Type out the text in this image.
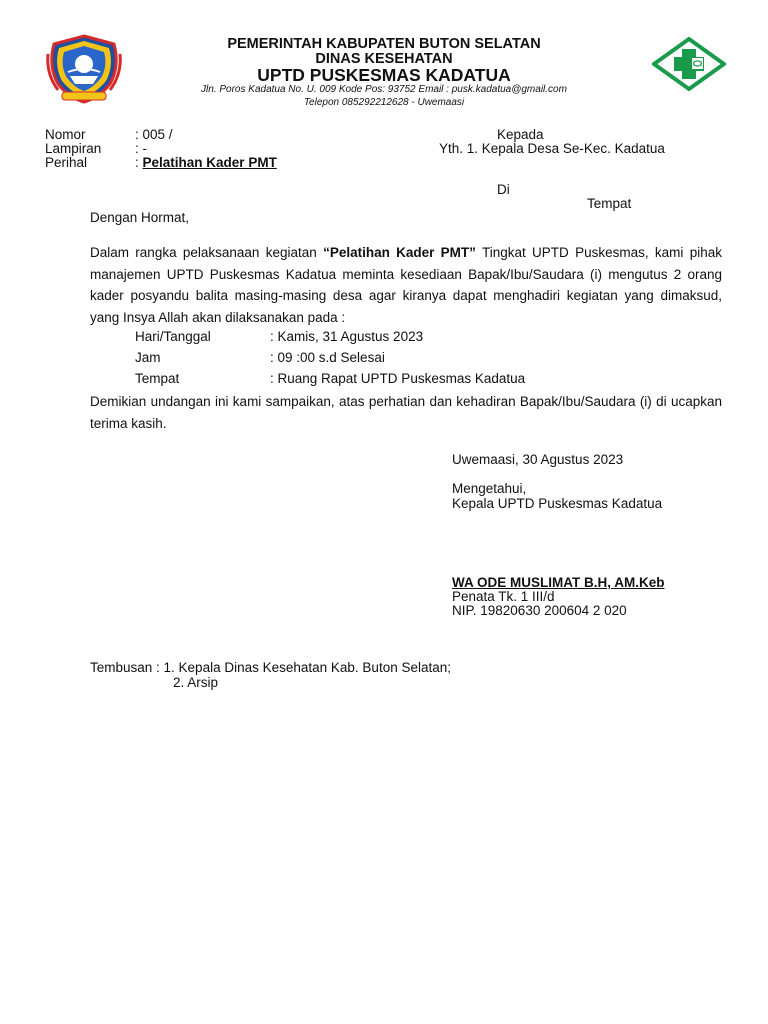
PEMERINTAH KABUPATEN BUTON SELATAN
DINAS KESEHATAN
UPTD PUSKESMAS KADATUA
Jln. Poros Kadatua No. U. 009 Kode Pos: 93752 Email : pusk.kadatua@gmail.com
Telepon 085292212628 - Uwemaasi
Nomor	: 005 /
Lampiran : -
Perihal	: Pelatihan Kader PMT
Kepada
Yth. 1. Kepala Desa Se-Kec. Kadatua
Di
Tempat
Dengan Hormat,
Dalam rangka pelaksanaan kegiatan “Pelatihan Kader PMT” Tingkat UPTD Puskesmas, kami pihak manajemen UPTD Puskesmas Kadatua meminta kesediaan Bapak/Ibu/Saudara (i) mengutus 2 orang kader posyandu balita masing-masing desa agar kiranya dapat menghadiri kegiatan yang dimaksud, yang Insya Allah akan dilaksanakan pada :
Hari/Tanggal	: Kamis, 31 Agustus 2023
Jam	: 09 :00 s.d Selesai
Tempat	: Ruang Rapat UPTD Puskesmas Kadatua
Demikian undangan ini kami sampaikan, atas perhatian dan kehadiran Bapak/Ibu/Saudara (i) di ucapkan terima kasih.
Uwemaasi, 30 Agustus 2023
Mengetahui,
Kepala UPTD Puskesmas Kadatua
WA ODE MUSLIMAT B.H, AM.Keb
Penata Tk. 1 III/d
NIP. 19820630 200604 2 020
Tembusan : 1. Kepala Dinas Kesehatan Kab. Buton Selatan;
2. Arsip
